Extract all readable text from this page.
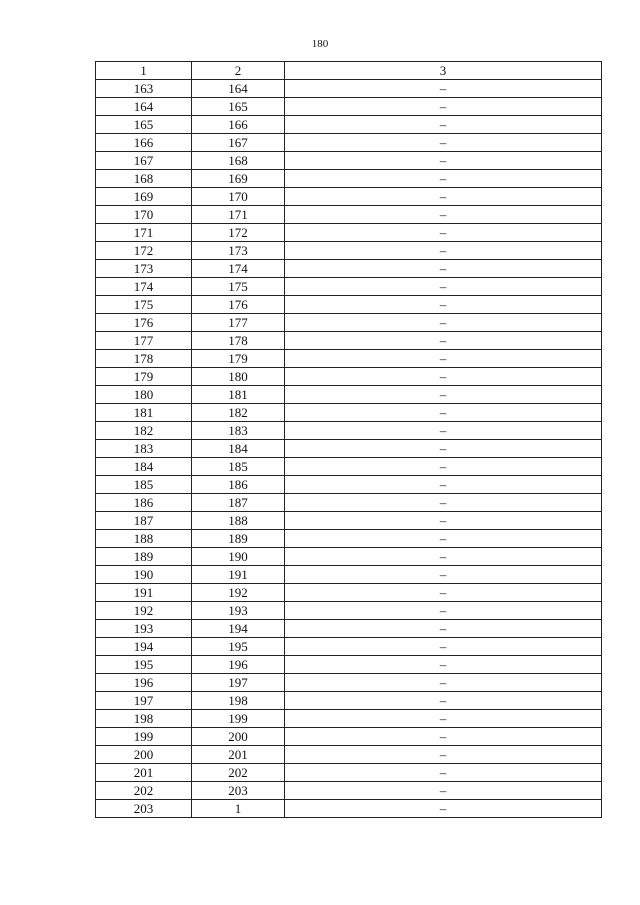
180
1	2	3
163	164	–
164	165	–
165	166	–
166	167	–
167	168	–
168	169	–
169	170	–
170	171	–
171	172	–
172	173	–
173	174	–
174	175	–
175	176	–
176	177	–
177	178	–
178	179	–
179	180	–
180	181	–
181	182	–
182	183	–
183	184	–
184	185	–
185	186	–
186	187	–
187	188	–
188	189	–
189	190	–
190	191	–
191	192	–
192	193	–
193	194	–
194	195	–
195	196	–
196	197	–
197	198	–
198	199	–
199	200	–
200	201	–
201	202	–
202	203	–
203	1	–
